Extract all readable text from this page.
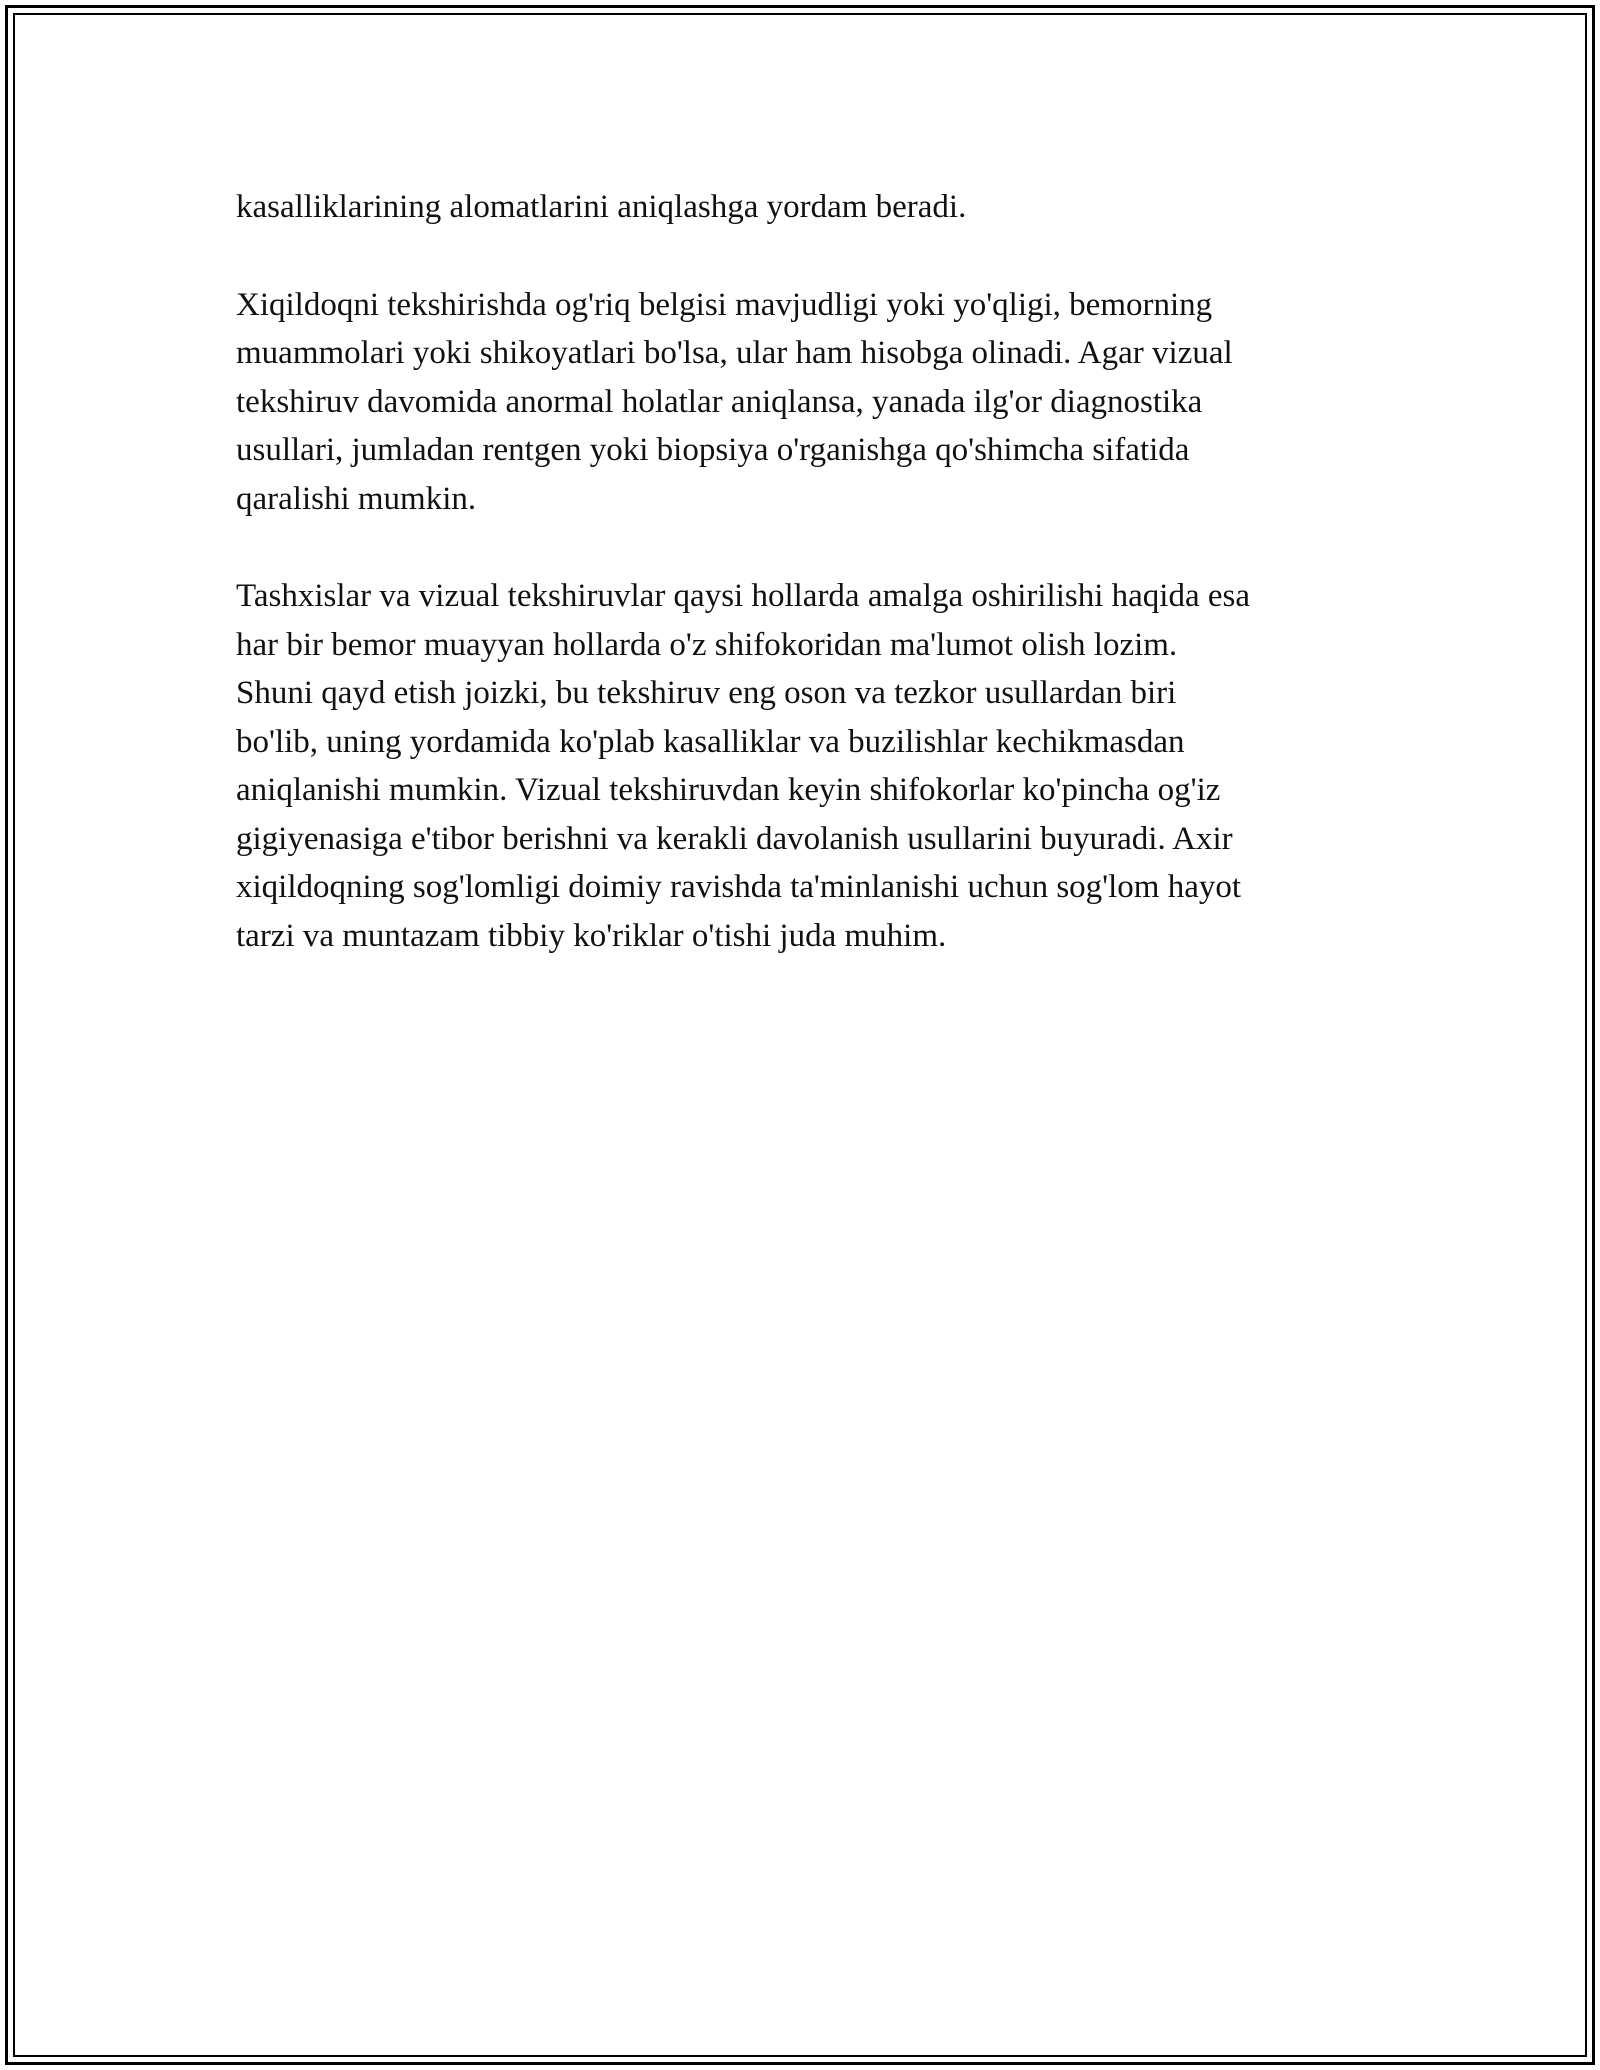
kasalliklarining alomatlarini aniqlashga yordam beradi.

Xiqildoqni tekshirishda og'riq belgisi mavjudligi yoki yo'qligi, bemorning
muammolari yoki shikoyatlari bo'lsa, ular ham hisobga olinadi. Agar vizual
tekshiruv davomida anormal holatlar aniqlansa, yanada ilg'or diagnostika
usullari, jumladan rentgen yoki biopsiya o'rganishga qo'shimcha sifatida
qaralishi mumkin.

Tashxislar va vizual tekshiruvlar qaysi hollarda amalga oshirilishi haqida esa
har bir bemor muayyan hollarda o'z shifokoridan ma'lumot olish lozim.
Shuni qayd etish joizki, bu tekshiruv eng oson va tezkor usullardan biri
bo'lib, uning yordamida ko'plab kasalliklar va buzilishlar kechikmasdan
aniqlanishi mumkin. Vizual tekshiruvdan keyin shifokorlar ko'pincha og'iz
gigiyenasiga e'tibor berishni va kerakli davolanish usullarini buyuradi. Axir
xiqildoqning sog'lomligi doimiy ravishda ta'minlanishi uchun sog'lom hayot
tarzi va muntazam tibbiy ko'riklar o'tishi juda muhim.
